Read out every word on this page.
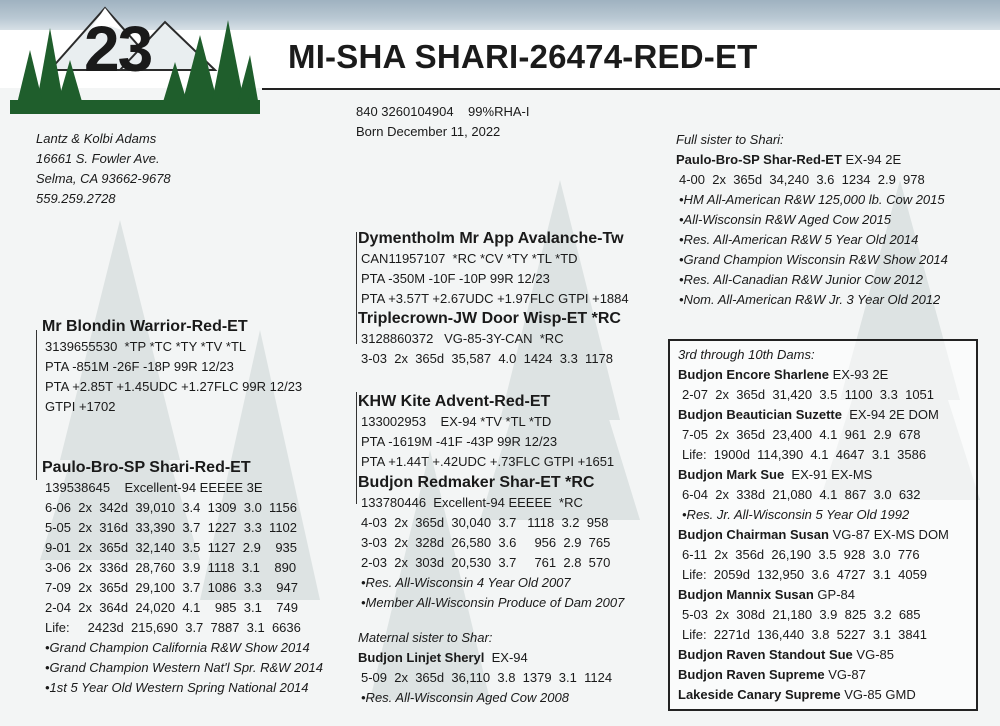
23	MI-SHA SHARI-26474-RED-ET
Lantz & Kolbi Adams
16661 S. Fowler Ave.
Selma, CA 93662-9678
559.259.2728
840 3260104904    99%RHA-I
Born December 11, 2022
Mr Blondin Warrior-Red-ET
3139655530  *TP *TC *TY *TV *TL
PTA -851M -26F -18P 99R 12/23
PTA +2.85T +1.45UDC +1.27FLC 99R 12/23
GTPI +1702
Paulo-Bro-SP Shari-Red-ET
139538645    Excellent-94 EEEEE 3E
6-06  2x  342d  39,010  3.4  1309  3.0  1156
5-05  2x  316d  33,390  3.7  1227  3.3  1102
9-01  2x  365d  32,140  3.5  1127  2.9    935
3-06  2x  336d  28,760  3.9  1118  3.1    890
7-09  2x  365d  29,100  3.7  1086  3.3    947
2-04  2x  364d  24,020  4.1    985  3.1    749
Life:     2423d  215,690  3.7  7887  3.1  6636
•Grand Champion California R&W Show 2014
•Grand Champion Western Nat'l Spr. R&W 2014
•1st 5 Year Old Western Spring National 2014
Dymentholm Mr App Avalanche-Tw
CAN11957107  *RC *CV *TY *TL *TD
PTA -350M -10F -10P 99R 12/23
PTA +3.57T +2.67UDC +1.97FLC GTPI +1884
Triplecrown-JW Door Wisp-ET *RC
3128860372   VG-85-3Y-CAN  *RC
3-03  2x  365d  35,587  4.0  1424  3.3  1178
KHW Kite Advent-Red-ET
133002953    EX-94 *TV *TL *TD
PTA -1619M -41F -43P 99R 12/23
PTA +1.44T +.42UDC +.73FLC GTPI +1651
Budjon Redmaker Shar-ET *RC
133780446  Excellent-94 EEEEE  *RC
4-03  2x  365d  30,040  3.7   1118  3.2  958
3-03  2x  328d  26,580  3.6     956  2.9  765
2-03  2x  303d  20,530  3.7     761  2.8  570
•Res. All-Wisconsin 4 Year Old 2007
•Member All-Wisconsin Produce of Dam 2007
Maternal sister to Shar:
Budjon Linjet Sheryl EX-94
5-09  2x  365d  36,110  3.8  1379  3.1  1124
•Res. All-Wisconsin Aged Cow 2008
Full sister to Shari:
Paulo-Bro-SP Shar-Red-ET EX-94 2E
4-00  2x  365d  34,240  3.6  1234  2.9  978
•HM All-American R&W 125,000 lb. Cow 2015
•All-Wisconsin R&W Aged Cow 2015
•Res. All-American R&W 5 Year Old 2014
•Grand Champion Wisconsin R&W Show 2014
•Res. All-Canadian R&W Junior Cow 2012
•Nom. All-American R&W Jr. 3 Year Old 2012
3rd through 10th Dams:
Budjon Encore Sharlene EX-93 2E
2-07  2x  365d  31,420  3.5  1100  3.3  1051
Budjon Beautician Suzette EX-94 2E DOM
7-05  2x  365d  23,400  4.1  961  2.9  678
Life:  1900d  114,390  4.1  4647  3.1  3586
Budjon Mark Sue EX-91 EX-MS
6-04  2x  338d  21,080  4.1  867  3.0  632
•Res. Jr. All-Wisconsin 5 Year Old 1992
Budjon Chairman Susan VG-87 EX-MS DOM
6-11  2x  356d  26,190  3.5  928  3.0  776
Life:  2059d  132,950  3.6  4727  3.1  4059
Budjon Mannix Susan GP-84
5-03  2x  308d  21,180  3.9  825  3.2  685
Life:  2271d  136,440  3.8  5227  3.1  3841
Budjon Raven Standout Sue VG-85
Budjon Raven Supreme VG-87
Lakeside Canary Supreme VG-85 GMD
